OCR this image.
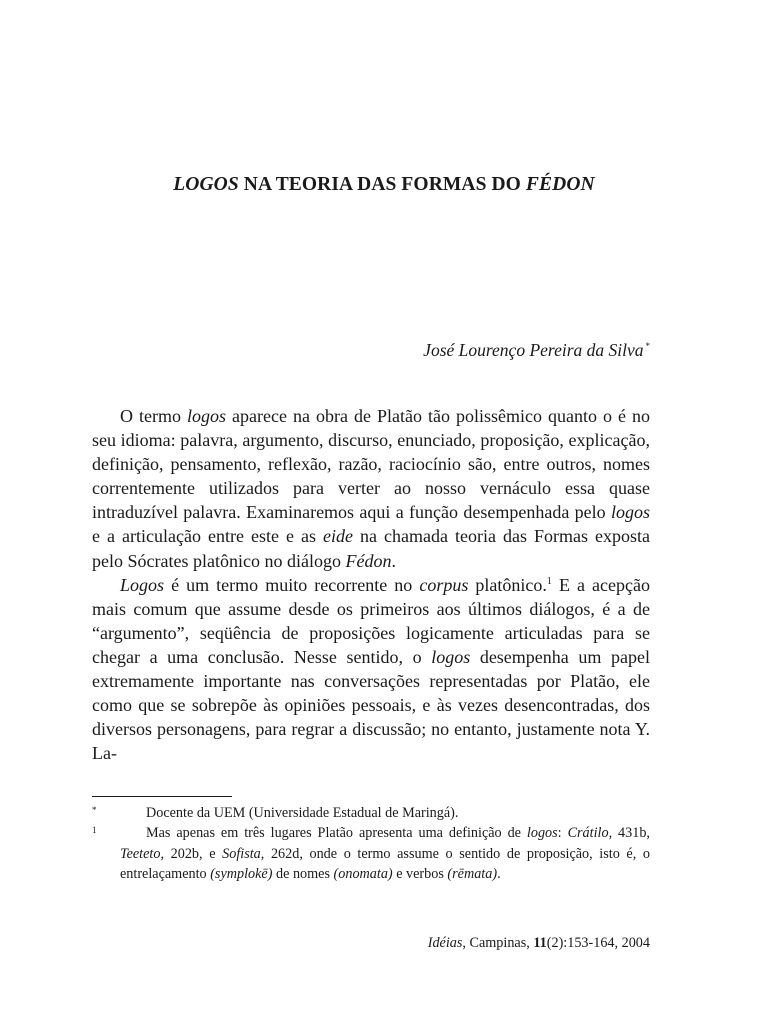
LOGOS NA TEORIA DAS FORMAS DO FÉDON
José Lourenço Pereira da Silva *

O termo logos aparece na obra de Platão tão polissêmico quanto o é no seu idioma: palavra, argumento, discurso, enunciado, proposição, explicação, definição, pensamento, reflexão, razão, raciocínio são, entre outros, nomes correntemente utilizados para verter ao nosso vernáculo essa quase intraduzível palavra. Examinaremos aqui a função desempenhada pelo logos e a articulação entre este e as eide na chamada teoria das Formas exposta pelo Sócrates platônico no diálogo Fédon.

Logos é um termo muito recorrente no corpus platônico.$^1$ E a acepção mais comum que assume desde os primeiros aos últimos diálogos, é a de “argumento”, seqüência de proposições logicamente articuladas para se chegar a uma conclusão. Nesse sentido, o logos desempenha um papel extremamente importante nas conversações representadas por Platão, ele como que se sobrepõe às opiniões pessoais, e às vezes desencontradas, dos diversos personagens, para regrar a discussão; no entanto, justamente nota Y. La-

*	Docente da UEM (Universidade Estadual de Maringá).

1	Mas apenas em três lugares Platão apresenta uma definição de logos: Crátilo, 431b, Teeteto, 202b, e Sofista, 262d, onde o termo assume o sentido de proposição, isto é, o entrelaçamento (symplokē) de nomes (onomata) e verbos (rēmata).

Idéias, Campinas, 11(2):153-164, 2004
